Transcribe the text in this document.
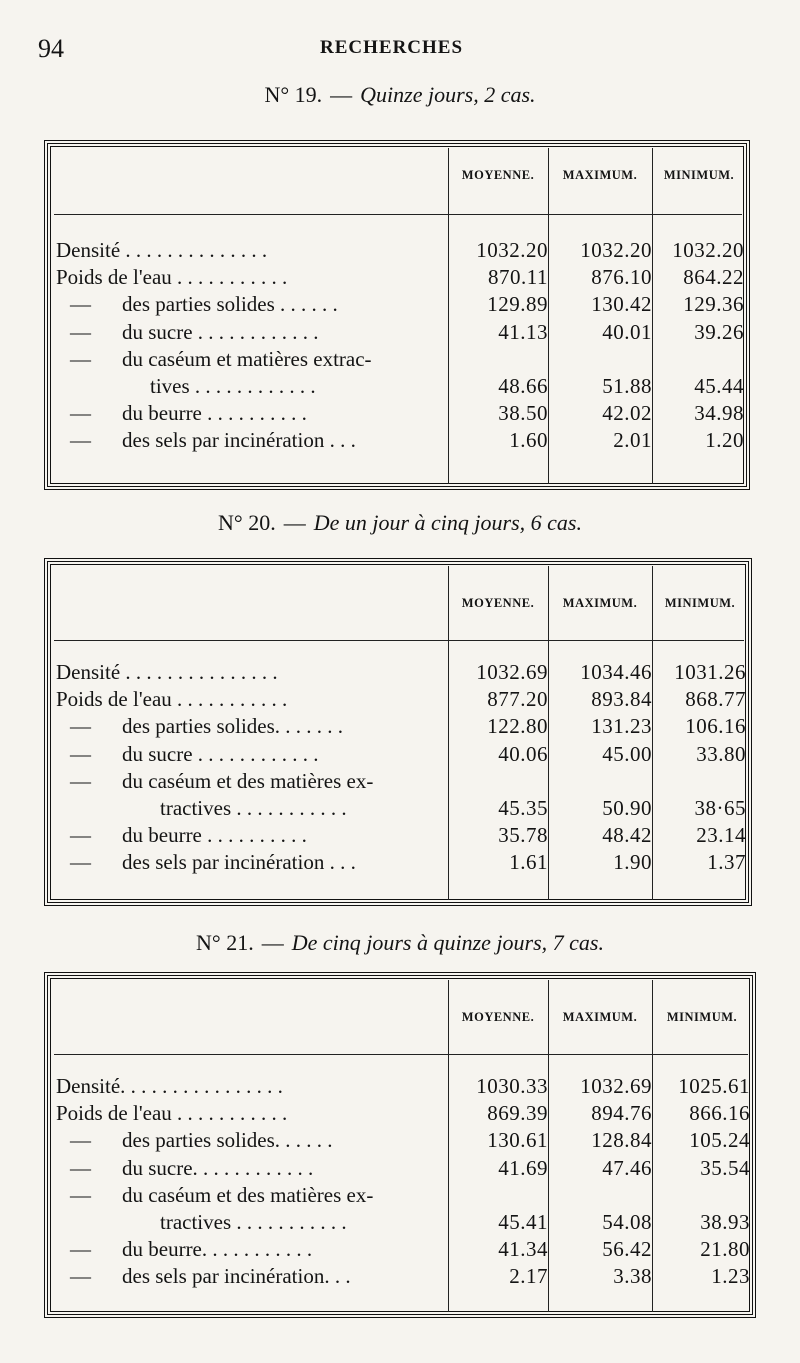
94	RECHERCHES
N° 19. — Quinze jours, 2 cas.
MOYENNE.	MAXIMUM.	MINIMUM.
Densité . . . . . . . . . . . . . .	1032.20	1032.20 1032.20
Poids de l'eau . . . . . . . . . . .	870.11	876.10	864.22
— des parties solides . . . . . .	129.89	130.42	129.36
— du sucre . . . . . . . . . . . .	41.13	40.01	39.26
— du caséum et matières extrac-
tives . . . . . . . . . . . .	48.66	51.88	45.44
— du beurre . . . . . . . . . .	38.50	42.02	34.98
— des sels par incinération . . .	1.60	2.01	1.20
N° 20. — De un jour à cinq jours, 6 cas.
MOYENNE.	MAXIMUM.	MINIMUM.
Densité . . . . . . . . . . . . . . .	1032.69	1034.46	1031.26
Poids de l'eau . . . . . . . . . . .	877.20	893.84	868.77
— des parties solides. . . . . . .	122.80	131.23	106.16
— du sucre . . . . . . . . . . . .	40.06	45.00	33.80
— du caséum et des matières ex-
tractives . . . . . . . . . . .	45.35	50.90	38·65
— du beurre . . . . . . . . . .	35.78	48.42	23.14
— des sels par incinération . . .	1.61	1.90	1.37
N° 21. — De cinq jours à quinze jours, 7 cas.
MOYENNE.	MAXIMUM.	MINIMUM.
Densité. . . . . . . . . . . . . . . .	1030.33	1032.69	1025.61
Poids de l'eau . . . . . . . . . . .	869.39	894.76	866.16
— des parties solides. . . . . .	130.61	128.84	105.24
— du sucre. . . . . . . . . . . .	41.69	47.46	35.54
— du caséum et des matières ex-
tractives . . . . . . . . . . .	45.41	54.08	38.93
— du beurre. . . . . . . . . . .	41.34	56.42	21.80
— des sels par incinération. . .	2.17	3.38	1.23
